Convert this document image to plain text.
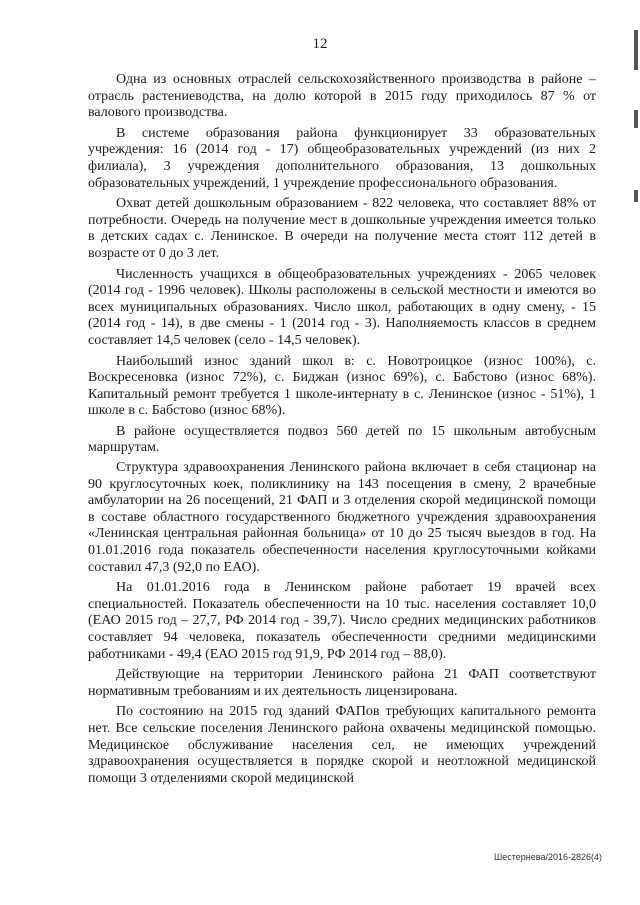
12

Одна из основных отраслей сельскохозяйственного производства в районе – отрасль растениеводства, на долю которой в 2015 году приходилось 87 % от валового производства.

В системе образования района функционирует 33 образовательных учреждения: 16 (2014 год - 17) общеобразовательных учреждений (из них 2 филиала), 3 учреждения дополнительного образования, 13 дошкольных образовательных учреждений, 1 учреждение профессионального образования.

Охват детей дошкольным образованием - 822 человека, что составляет 88% от потребности. Очередь на получение мест в дошкольные учреждения имеется только в детских садах с. Ленинское. В очереди на получение места стоят 112 детей в возрасте от 0 до 3 лет.

Численность учащихся в общеобразовательных учреждениях - 2065 человек (2014 год - 1996 человек). Школы расположены в сельской местности и имеются во всех муниципальных образованиях. Число школ, работающих в одну смену, - 15 (2014 год - 14), в две смены - 1 (2014 год - 3). Наполняемость классов в среднем составляет 14,5 человек (село - 14,5 человек).

Наибольший износ зданий школ в: с. Новотроицкое (износ 100%), с. Воскресеновка (износ 72%), с. Биджан (износ 69%), с. Бабстово (износ 68%). Капитальный ремонт требуется 1 школе-интернату в с. Ленинское (износ - 51%), 1 школе в с. Бабстово (износ 68%).

В районе осуществляется подвоз 560 детей по 15 школьным автобусным маршрутам.

Структура здравоохранения Ленинского района включает в себя стационар на 90 круглосуточных коек, поликлинику на 143 посещения в смену, 2 врачебные амбулатории на 26 посещений, 21 ФАП и 3 отделения скорой медицинской помощи в составе областного государственного бюджетного учреждения здравоохранения «Ленинская центральная районная больница» от 10 до 25 тысяч выездов в год. На 01.01.2016 года показатель обеспеченности населения круглосуточными койками составил 47,3 (92,0 по ЕАО).

На 01.01.2016 года в Ленинском районе работает 19 врачей всех специальностей. Показатель обеспеченности на 10 тыс. населения составляет 10,0 (ЕАО 2015 год – 27,7, РФ 2014 год - 39,7). Число средних медицинских работников составляет 94 человека, показатель обеспеченности средними медицинскими работниками - 49,4 (ЕАО 2015 год 91,9, РФ 2014 год – 88,0).

Действующие на территории Ленинского района 21 ФАП соответствуют нормативным требованиям и их деятельность лицензирована.

По состоянию на 2015 год зданий ФАПов требующих капитального ремонта нет. Все сельские поселения Ленинского района охвачены медицинской помощью. Медицинское обслуживание населения сел, не имеющих учреждений здравоохранения осуществляется в порядке скорой и неотложной медицинской помощи 3 отделениями скорой медицинской

Шестернева/2016-2826(4)
